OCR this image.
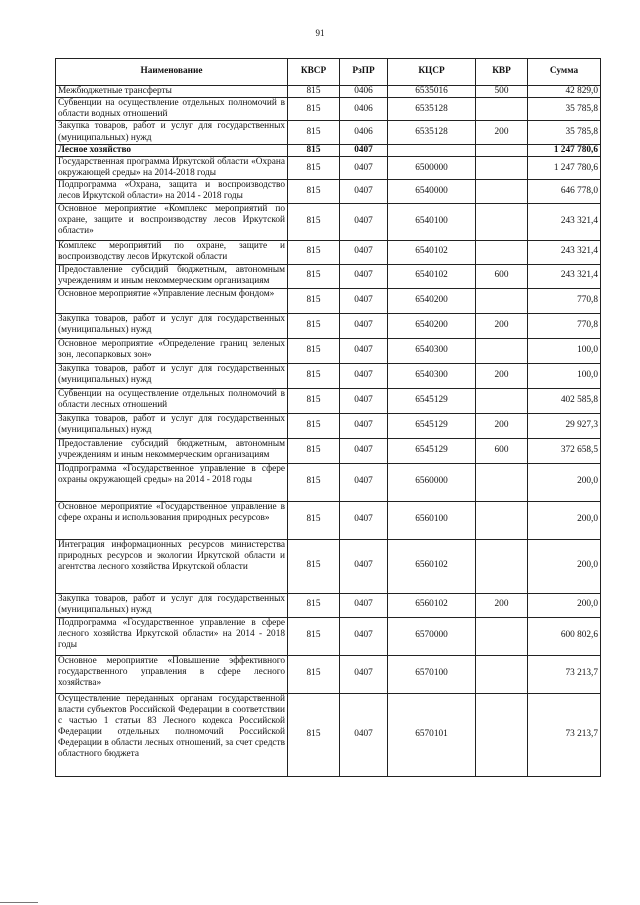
91
Наименование	КВСР	РзПР	КЦСР	КВР	Сумма
Межбюджетные трансферты	815	0406	6535016	500	42 829,0
Субвенции на осуществление отдельных полномочий в области водных отношений	815	0406	6535128		35 785,8
Закупка товаров, работ и услуг для государственных (муниципальных) нужд	815	0406	6535128	200	35 785,8
Лесное хозяйство	815	0407			1 247 780,6
Государственная программа Иркутской области «Охрана окружающей среды» на 2014-2018 годы	815	0407	6500000		1 247 780,6
Подпрограмма «Охрана, защита и воспроизводство лесов Иркутской области» на 2014 - 2018 годы	815	0407	6540000		646 778,0
Основное мероприятие «Комплекс мероприятий по охране, защите и воспроизводству лесов Иркутской области»	815	0407	6540100		243 321,4
Комплекс мероприятий по охране, защите и воспроизводству лесов Иркутской области	815	0407	6540102		243 321,4
Предоставление субсидий бюджетным, автономным учреждениям и иным некоммерческим организациям	815	0407	6540102	600	243 321,4
Основное мероприятие «Управление лесным фондом»	815	0407	6540200		770,8
Закупка товаров, работ и услуг для государственных (муниципальных) нужд	815	0407	6540200	200	770,8
Основное мероприятие «Определение границ зеленых зон, лесопарковых зон»	815	0407	6540300		100,0
Закупка товаров, работ и услуг для государственных (муниципальных) нужд	815	0407	6540300	200	100,0
Субвенции на осуществление отдельных полномочий в области лесных отношений	815	0407	6545129		402 585,8
Закупка товаров, работ и услуг для государственных (муниципальных) нужд	815	0407	6545129	200	29 927,3
Предоставление субсидий бюджетным, автономным учреждениям и иным некоммерческим организациям	815	0407	6545129	600	372 658,5
Подпрограмма «Государственное управление в сфере охраны окружающей среды» на 2014 - 2018 годы	815	0407	6560000		200,0
Основное мероприятие «Государственное управление в сфере охраны и использования природных ресурсов»	815	0407	6560100		200,0
Интеграция информационных ресурсов министерства природных ресурсов и экологии Иркутской области и агентства лесного хозяйства Иркутской области	815	0407	6560102		200,0
Закупка товаров, работ и услуг для государственных (муниципальных) нужд	815	0407	6560102	200	200,0
Подпрограмма «Государственное управление в сфере лесного хозяйства Иркутской области» на 2014 - 2018 годы	815	0407	6570000		600 802,6
Основное мероприятие «Повышение эффективного государственного управления в сфере лесного хозяйства»	815	0407	6570100		73 213,7
Осуществление переданных органам государственной власти субъектов Российской Федерации в соответствии с частью 1 статьи 83 Лесного кодекса Российской Федерации отдельных полномочий Российской Федерации в области лесных отношений, за счет средств областного бюджета	815	0407	6570101		73 213,7
